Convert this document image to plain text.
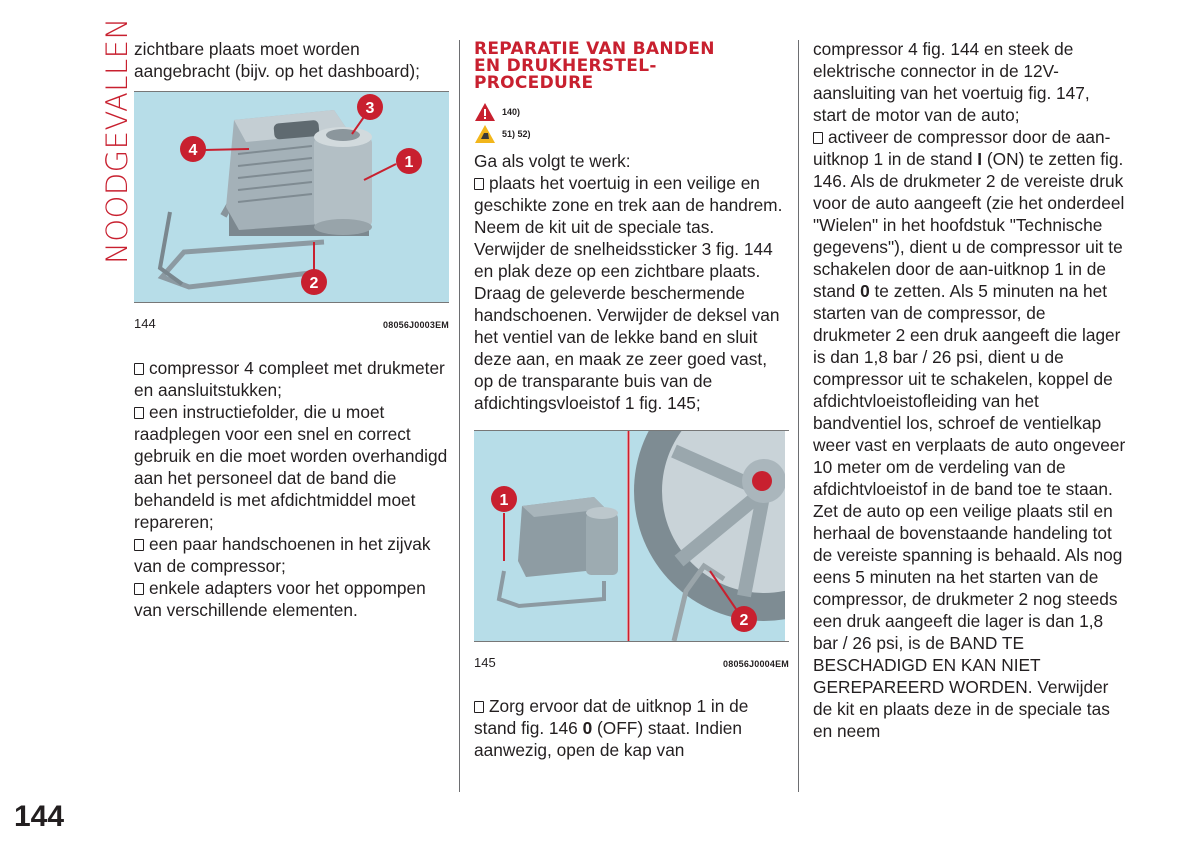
NOODGEVALLEN zichtbare plaats moet worden aangebracht (bijv. op het dashboard);

4
3
1
2
144	08056J0003EM

compressor 4 compleet met drukmeter en aansluitstukken;

een instructiefolder, die u moet raadplegen voor een snel en correct gebruik en die moet worden overhandigd aan het personeel dat de band die behandeld is met afdichtmiddel moet repareren;

een paar handschoenen in het zijvak van de compressor;

enkele adapters voor het oppompen van verschillende elementen.

REPARATIE VAN BANDEN

EN DRUKHERSTEL-

PROCEDURE

140)
51) 52)

Ga als volgt te werk:

plaats het voertuig in een veilige en geschikte zone en trek aan de handrem. Neem de kit uit de speciale tas. Verwijder de snelheidssticker 3 fig. 144 en plak deze op een zichtbare plaats. Draag de geleverde beschermende handschoenen. Verwijder de deksel van het ventiel van de lekke band en sluit deze aan, en maak ze zeer goed vast, op de transparante buis van de afdichtingsvloeistof 1 fig. 145;

1
2
145	08056J0004EM

Zorg ervoor dat de uitknop 1 in de stand fig. 146 0 (OFF) staat. Indien aanwezig, open de kap van

compressor 4 fig. 144 en steek de elektrische connector in de 12V-aansluiting van het voertuig fig. 147, start de motor van de auto;

activeer de compressor door de aan-uitknop 1 in de stand I (ON) te zetten fig. 146. Als de drukmeter 2 de vereiste druk voor de auto aangeeft (zie het onderdeel "Wielen" in het hoofdstuk "Technische gegevens"), dient u de compressor uit te schakelen door de aan-uitknop 1 in de stand 0 te zetten. Als 5 minuten na het starten van de compressor, de drukmeter 2 een druk aangeeft die lager is dan 1,8 bar / 26 psi, dient u de compressor uit te schakelen, koppel de afdichtvloeistofleiding van het bandventiel los, schroef de ventielkap weer vast en verplaats de auto ongeveer 10 meter om de verdeling van de afdichtvloeistof in de band toe te staan. Zet de auto op een veilige plaats stil en herhaal de bovenstaande handeling tot de vereiste spanning is behaald. Als nog eens 5 minuten na het starten van de compressor, de drukmeter 2 nog steeds een druk aangeeft die lager is dan 1,8 bar / 26 psi, is de BAND TE BESCHADIGD EN KAN NIET GEREPAREERD WORDEN. Verwijder de kit en plaats deze in de speciale tas en neem

144
